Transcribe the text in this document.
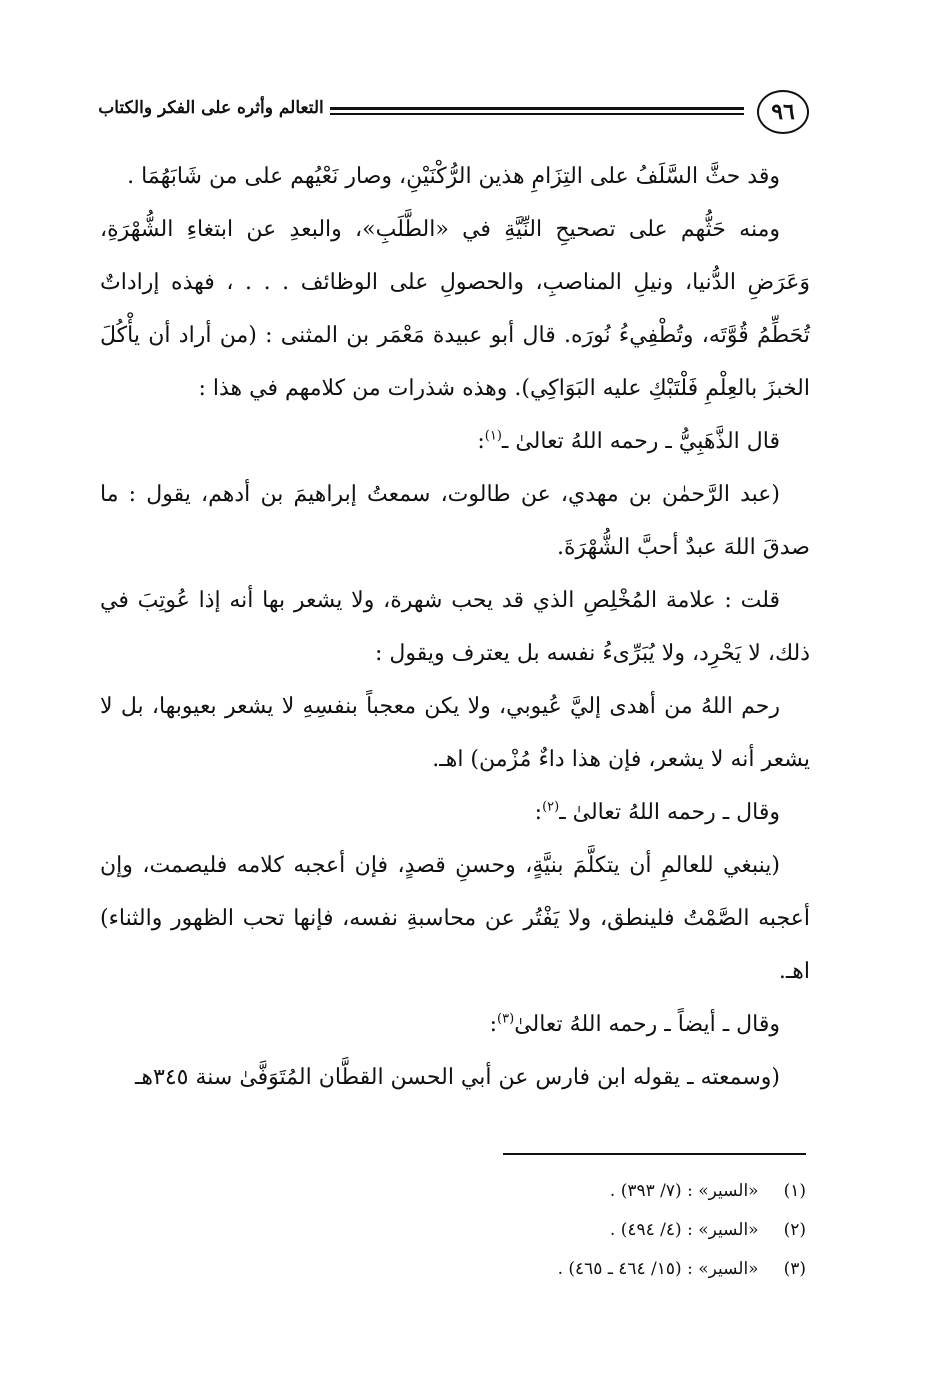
٩٦
التعالم وأثره على الفكر والكتاب

وقد حثَّ السَّلَفُ على التِزَامِ هذين الرُّكْنَيْنِ، وصار نَعْيُهم على من شَابَهُمَا .

ومنه حَثُّهم على تصحيحِ النِّيَّةِ في «الطَّلَبِ»، والبعدِ عن ابتغاءِ الشُّهْرَةِ، وَعَرَضِ الدُّنيا، ونيلِ المناصبِ، والحصولِ على الوظائف . . . ، فهذه إراداتٌ تُحَطِّمُ قُوَّتَه، وتُطْفِيءُ نُورَه. قال أبو عبيدة مَعْمَر بن المثنى : (من أراد أن يأْكُلَ الخبزَ بالعِلْمِ فَلْتَبْكِ عليه البَوَاكِي). وهذه شذرات من كلامهم في هذا :

قال الذَّهَبِيُّ ـ رحمه اللهُ تعالىٰ ـ$^{(١)}$:

(عبد الرَّحمٰن بن مهدي، عن طالوت، سمعتُ إبراهيمَ بن أدهم، يقول : ما صدقَ اللهَ عبدٌ أحبَّ الشُّهْرَةَ.

قلت : علامة المُخْلِصِ الذي قد يحب شهرة، ولا يشعر بها أنه إذا عُوتِبَ في ذلك، لا يَحْرِد، ولا يُبَرِّىءُ نفسه بل يعترف ويقول :

رحم اللهُ من أهدى إليَّ عُيوبي، ولا يكن معجباً بنفسِهِ لا يشعر بعيوبها، بل لا يشعر أنه لا يشعر، فإن هذا داءٌ مُزْمن) اهـ.

وقال ـ رحمه اللهُ تعالىٰ ـ$^{(٢)}$:

(ينبغي للعالمِ أن يتكلَّمَ بنيَّةٍ، وحسنِ قصدٍ، فإن أعجبه كلامه فليصمت، وإن أعجبه الصَّمْتُ فلينطق، ولا يَفْتُر عن محاسبةِ نفسه، فإنها تحب الظهور والثناء) اهـ.

وقال ـ أيضاً ـ رحمه اللهُ تعالىٰ$^{(٣)}$:

(وسمعته ـ يقوله ابن فارس عن أبي الحسن القطَّان المُتَوَفَّىٰ سنة ٣٤٥هـ

(١) «السير» : (٧/ ٣٩٣) .
(٢) «السير» : (٤/ ٤٩٤) .
(٣) «السير» : (١٥/ ٤٦٤ ـ ٤٦٥) .
